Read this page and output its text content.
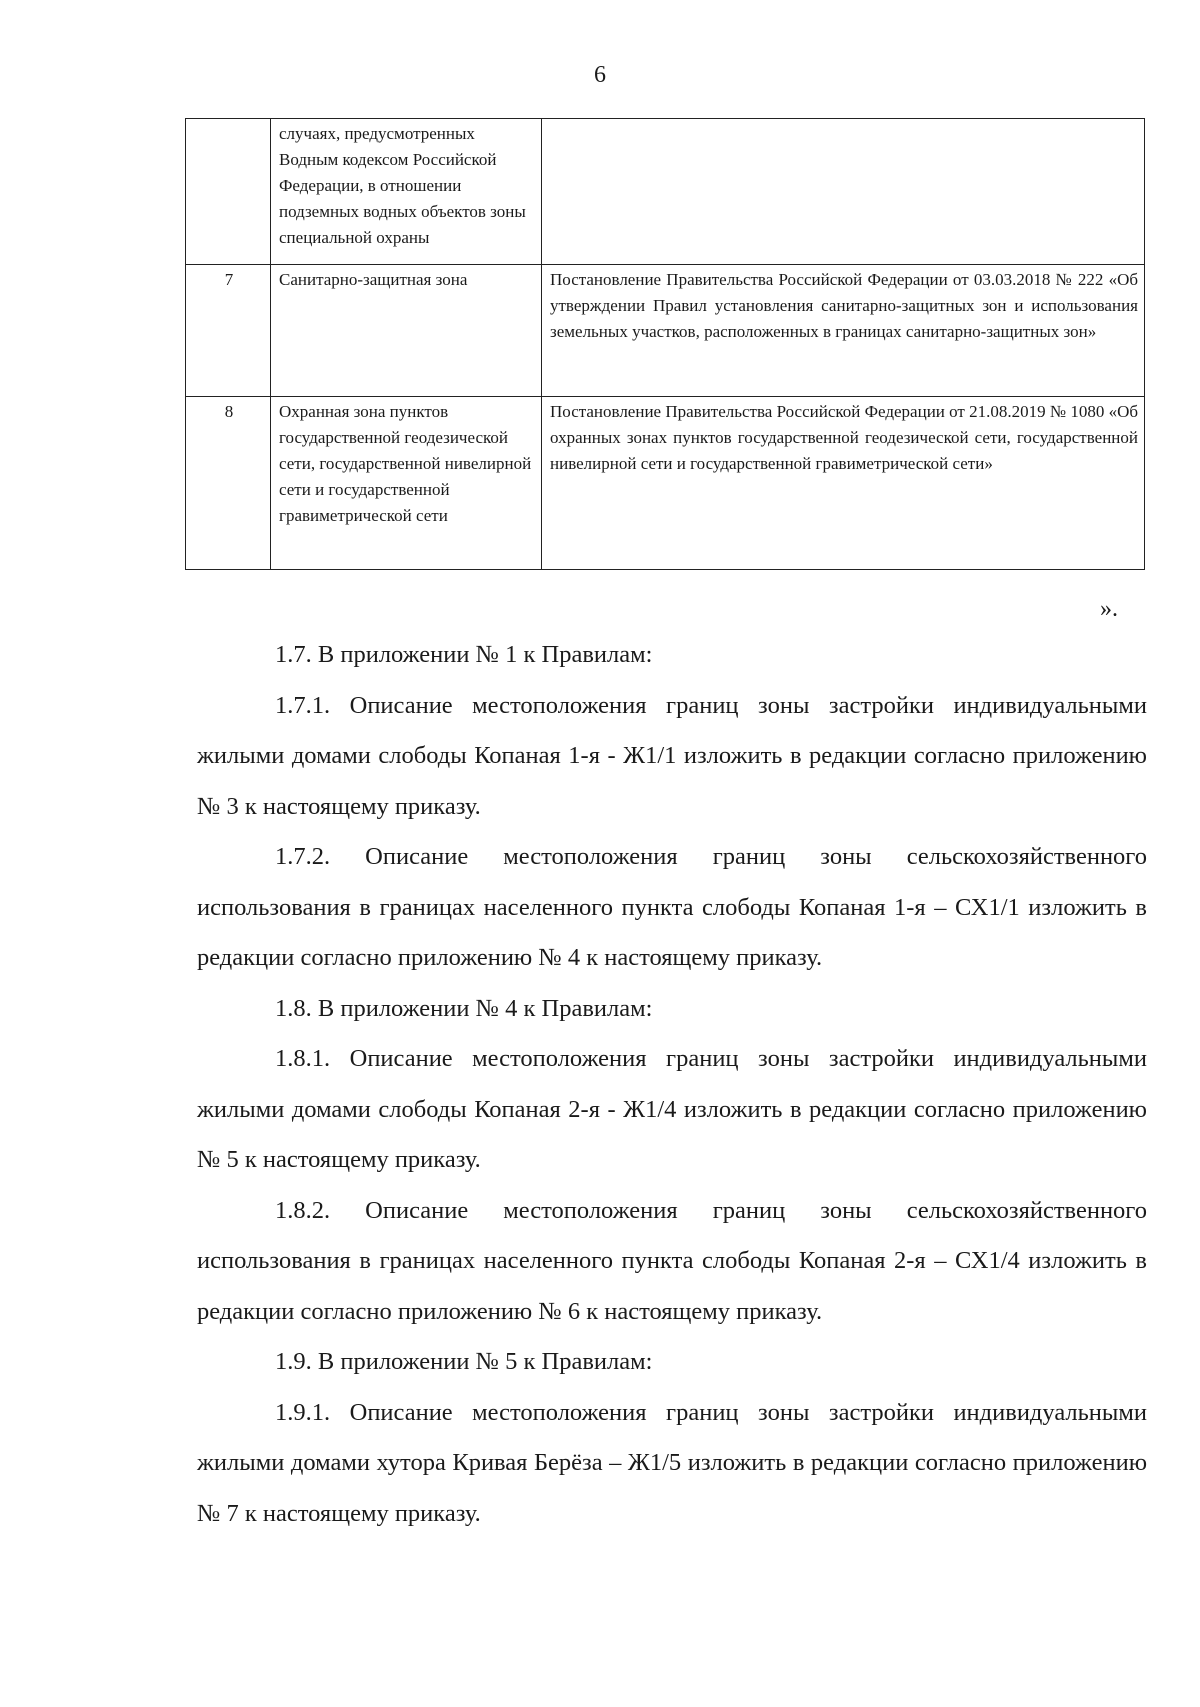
6
	случаях, предусмотренных Водным кодексом Российской Федерации, в отношении подземных водных объектов зоны специальной охраны	
7	Санитарно-защитная зона	Постановление Правительства Российской Федерации от 03.03.2018 № 222 «Об утверждении Правил установления санитарно-защитных зон и использования земельных участков, расположенных в границах санитарно-защитных зон»
8	Охранная зона пунктов государственной геодезической сети, государственной нивелирной сети и государственной гравиметрической сети	Постановление Правительства Российской Федерации от 21.08.2019 № 1080 «Об охранных зонах пунктов государственной геодезической сети, государственной нивелирной сети и государственной гравиметрической сети»
».

1.7. В приложении № 1 к Правилам:

1.7.1. Описание местоположения границ зоны застройки индивидуальными жилыми домами слободы Копаная 1-я - Ж1/1 изложить в редакции согласно приложению № 3 к настоящему приказу.

1.7.2. Описание местоположения границ зоны сельскохозяйственного использования в границах населенного пункта слободы Копаная 1-я – СХ1/1 изложить в редакции согласно приложению № 4 к настоящему приказу.

1.8. В приложении № 4 к Правилам:

1.8.1. Описание местоположения границ зоны застройки индивидуальными жилыми домами слободы Копаная 2-я - Ж1/4 изложить в редакции согласно приложению № 5 к настоящему приказу.

1.8.2. Описание местоположения границ зоны сельскохозяйственного использования в границах населенного пункта слободы Копаная 2-я – СХ1/4 изложить в редакции согласно приложению № 6 к настоящему приказу.

1.9. В приложении № 5 к Правилам:

1.9.1. Описание местоположения границ зоны застройки индивидуальными жилыми домами хутора Кривая Берёза – Ж1/5 изложить в редакции согласно приложению № 7 к настоящему приказу.
